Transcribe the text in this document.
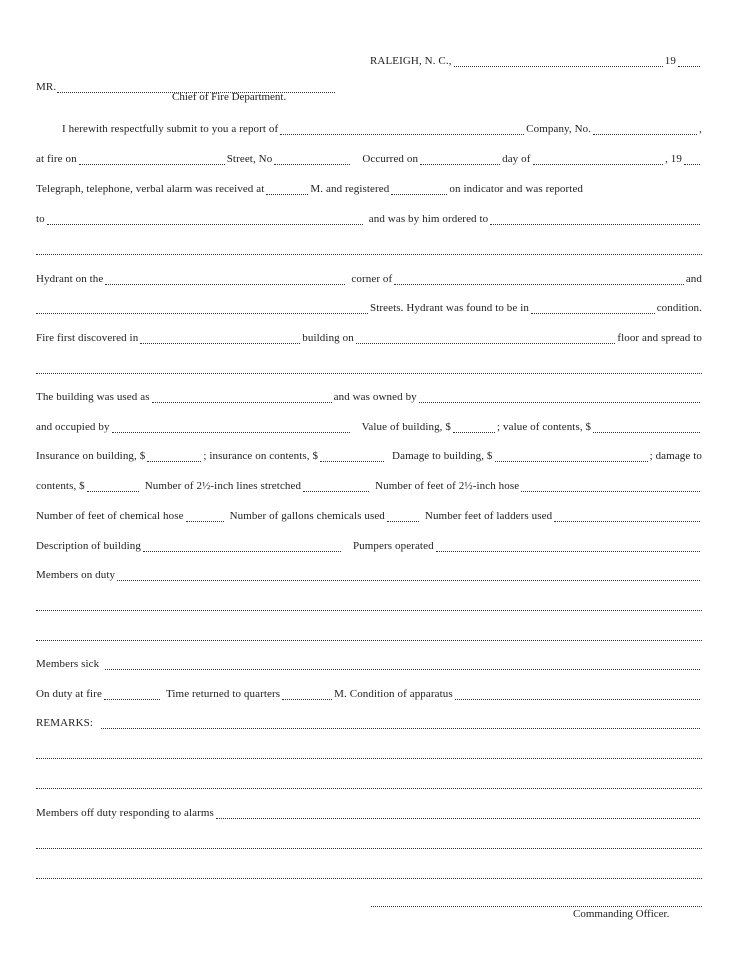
RALEIGH, N. C.,	19
MR.
Chief of Fire Department.
I herewith respectfully submit to you a report of	Company, No.	,
at fire on	Street, No	Occurred on	day of	, 19
Telegraph, telephone, verbal alarm was received at	M. and registered	on indicator and was reported
to	and was by him ordered to
Hydrant on the	corner of	and
Streets. Hydrant was found to be in	condition.
Fire first discovered in	building on	floor and spread to
The building was used as	and was owned by
and occupied by	Value of building, $	; value of contents, $
Insurance on building, $	; insurance on contents, $	Damage to building, $	; damage to
contents, $	Number of 2½-inch lines stretched	Number of feet of 2½-inch hose
Number of feet of chemical hose	Number of gallons chemicals used	Number feet of ladders used
Description of building	Pumpers operated
Members on duty
Members sick
On duty at fire	Time returned to quarters	M. Condition of apparatus
REMARKS:
Members off duty responding to alarms
Commanding Officer.
